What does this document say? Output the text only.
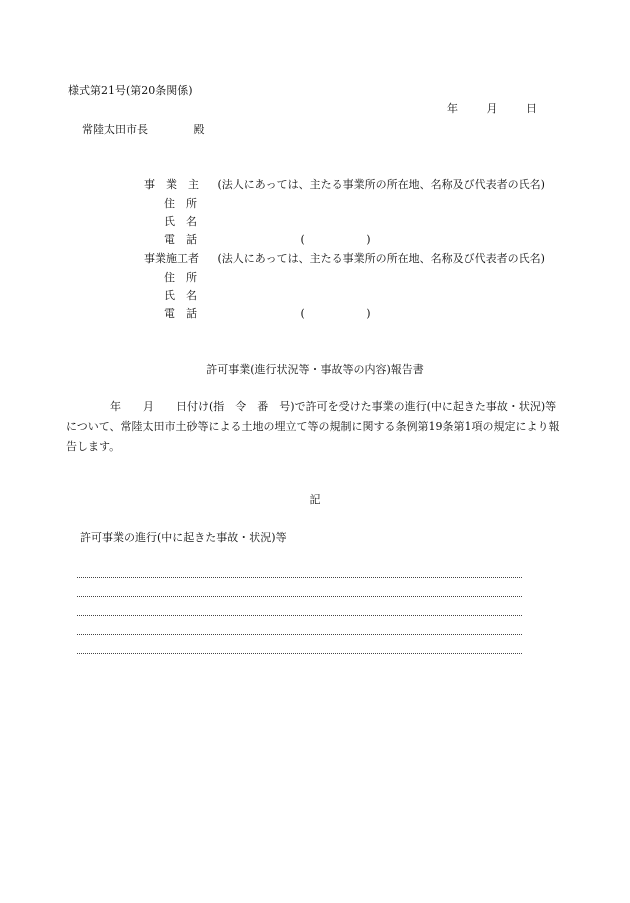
様式第21号(第20条関係)
年	月	日
常陸太田市長	殿
事　業　主 (法人にあっては、主たる事業所の所在地、名称及び代表者の氏名)
住　所
氏　名
電　話	(	)
事業施工者 (法人にあっては、主たる事業所の所在地、名称及び代表者の氏名)
住　所
氏　名
電　話	(	)
許可事業(進行状況等・事故等の内容)報告書
年　　月　　日付け(指　令　番　号)で許可を受けた事業の進行(中に起きた事故・状況)等について、常陸太田市土砂等による土地の埋立て等の規制に関する条例第19条第1項の規定により報告します。
記
許可事業の進行(中に起きた事故・状況)等
